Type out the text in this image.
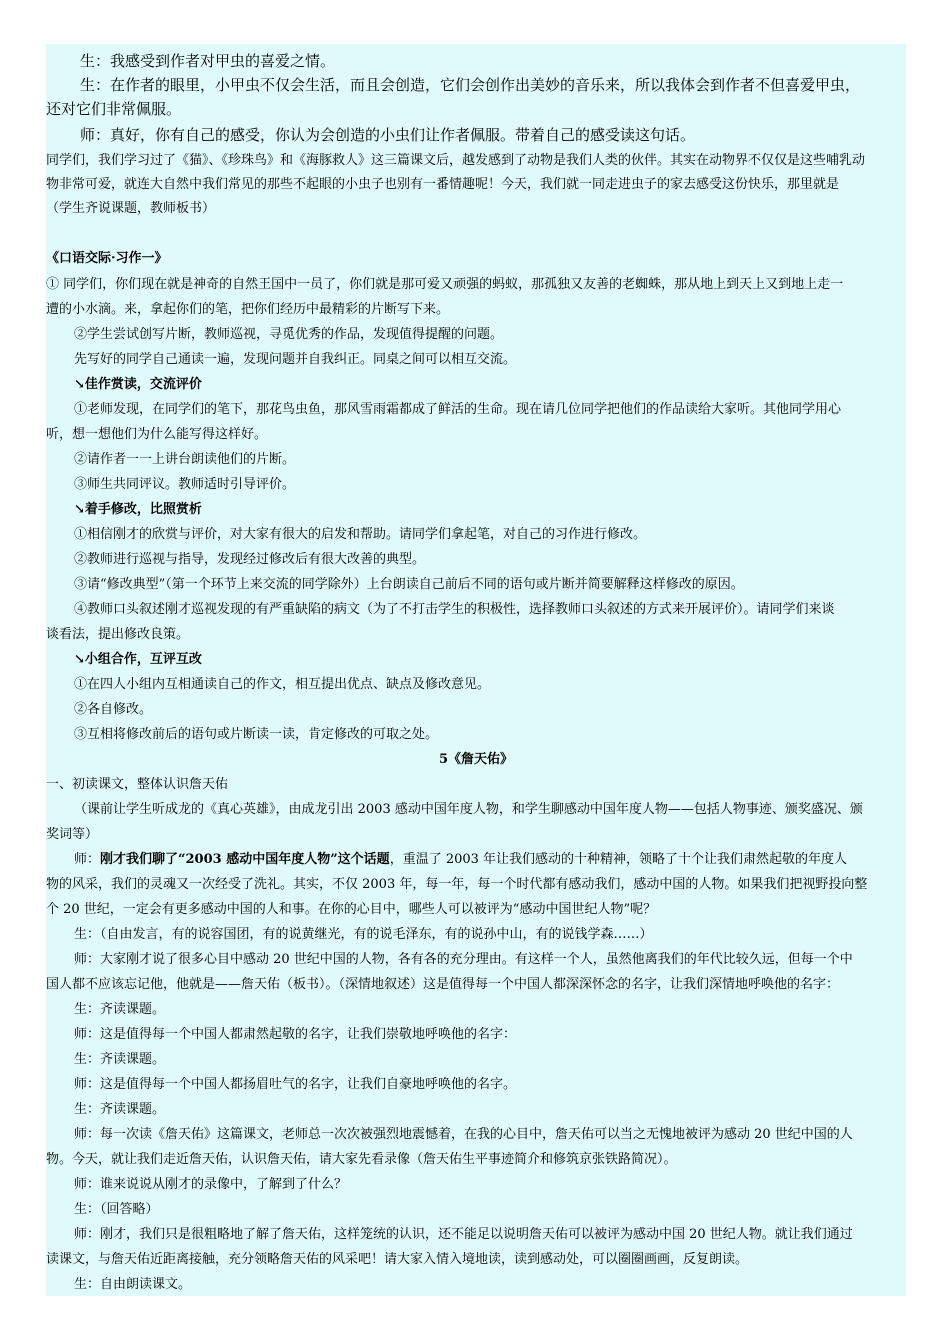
生：我感受到作者对甲虫的喜爱之情。
生：在作者的眼里，小甲虫不仅会生活，而且会创造，它们会创作出美妙的音乐来，所以我体会到作者不但喜爱甲虫，
还对它们非常佩服。
师：真好，你有自己的感受，你认为会创造的小虫们让作者佩服。带着自己的感受读这句话。
同学们，我们学习过了《猫》、《珍珠鸟》和《海豚救人》这三篇课文后，越发感到了动物是我们人类的伙伴。其实在动物界不仅仅是这些哺乳动
物非常可爱，就连大自然中我们常见的那些不起眼的小虫子也别有一番情趣呢！今天，我们就一同走进虫子的家去感受这份快乐，那里就是
（学生齐说课题，教师板书）
《口语交际·习作一》
① 同学们，你们现在就是神奇的自然王国中一员了，你们就是那可爱又顽强的蚂蚁，那孤独又友善的老蜘蛛，那从地上到天上又到地上走一
遭的小水滴。来，拿起你们的笔，把你们经历中最精彩的片断写下来。
②学生尝试创写片断，教师巡视，寻觅优秀的作品，发现值得提醒的问题。
先写好的同学自己通读一遍，发现问题并自我纠正。同桌之间可以相互交流。
↘佳作赏读，交流评价
①老师发现，在同学们的笔下，那花鸟虫鱼，那风雪雨霜都成了鲜活的生命。现在请几位同学把他们的作品读给大家听。其他同学用心
听，想一想他们为什么能写得这样好。
②请作者一一上讲台朗读他们的片断。
③师生共同评议。教师适时引导评价。
↘着手修改，比照赏析
①相信刚才的欣赏与评价，对大家有很大的启发和帮助。请同学们拿起笔，对自己的习作进行修改。
②教师进行巡视与指导，发现经过修改后有很大改善的典型。
③请“修改典型”（第一个环节上来交流的同学除外）上台朗读自己前后不同的语句或片断并简要解释这样修改的原因。
④教师口头叙述刚才巡视发现的有严重缺陷的病文（为了不打击学生的积极性，选择教师口头叙述的方式来开展评价）。请同学们来谈
谈看法，提出修改良策。
↘小组合作，互评互改
①在四人小组内互相通读自己的作文，相互提出优点、缺点及修改意见。
②各自修改。
③互相将修改前后的语句或片断读一读，肯定修改的可取之处。
5《詹天佑》
一、初读课文，整体认识詹天佑
（课前让学生听成龙的《真心英雄》，由成龙引出 2003 感动中国年度人物，和学生聊感动中国年度人物——包括人物事迹、颁奖盛况、颁
奖词等）
师：刚才我们聊了“2003 感动中国年度人物”这个话题，重温了 2003 年让我们感动的十种精神，领略了十个让我们肃然起敬的年度人
物的风采，我们的灵魂又一次经受了洗礼。其实，不仅 2003 年，每一年，每一个时代都有感动我们，感动中国的人物。如果我们把视野投向整
个 20 世纪，一定会有更多感动中国的人和事。在你的心目中，哪些人可以被评为“感动中国世纪人物”呢？
生：（自由发言，有的说容国团，有的说黄继光，有的说毛泽东，有的说孙中山，有的说钱学森……）
师：大家刚才说了很多心目中感动 20 世纪中国的人物，各有各的充分理由。有这样一个人，虽然他离我们的年代比较久远，但每一个中
国人都不应该忘记他，他就是——詹天佑（板书）。（深情地叙述）这是值得每一个中国人都深深怀念的名字，让我们深情地呼唤他的名字：
生：齐读课题。
师：这是值得每一个中国人都肃然起敬的名字，让我们崇敬地呼唤他的名字：
生：齐读课题。
师：这是值得每一个中国人都扬眉吐气的名字，让我们自豪地呼唤他的名字。
生：齐读课题。
师：每一次读《詹天佑》这篇课文，老师总一次次被强烈地震憾着，在我的心目中，詹天佑可以当之无愧地被评为感动 20 世纪中国的人
物。今天，就让我们走近詹天佑，认识詹天佑，请大家先看录像（詹天佑生平事迹简介和修筑京张铁路简况）。
师：谁来说说从刚才的录像中，了解到了什么？
生：（回答略）
师：刚才，我们只是很粗略地了解了詹天佑，这样笼统的认识，还不能足以说明詹天佑可以被评为感动中国 20 世纪人物。就让我们通过
读课文，与詹天佑近距离接触，充分领略詹天佑的风采吧！请大家入情入境地读，读到感动处，可以圈圈画画，反复朗读。
生：自由朗读课文。
